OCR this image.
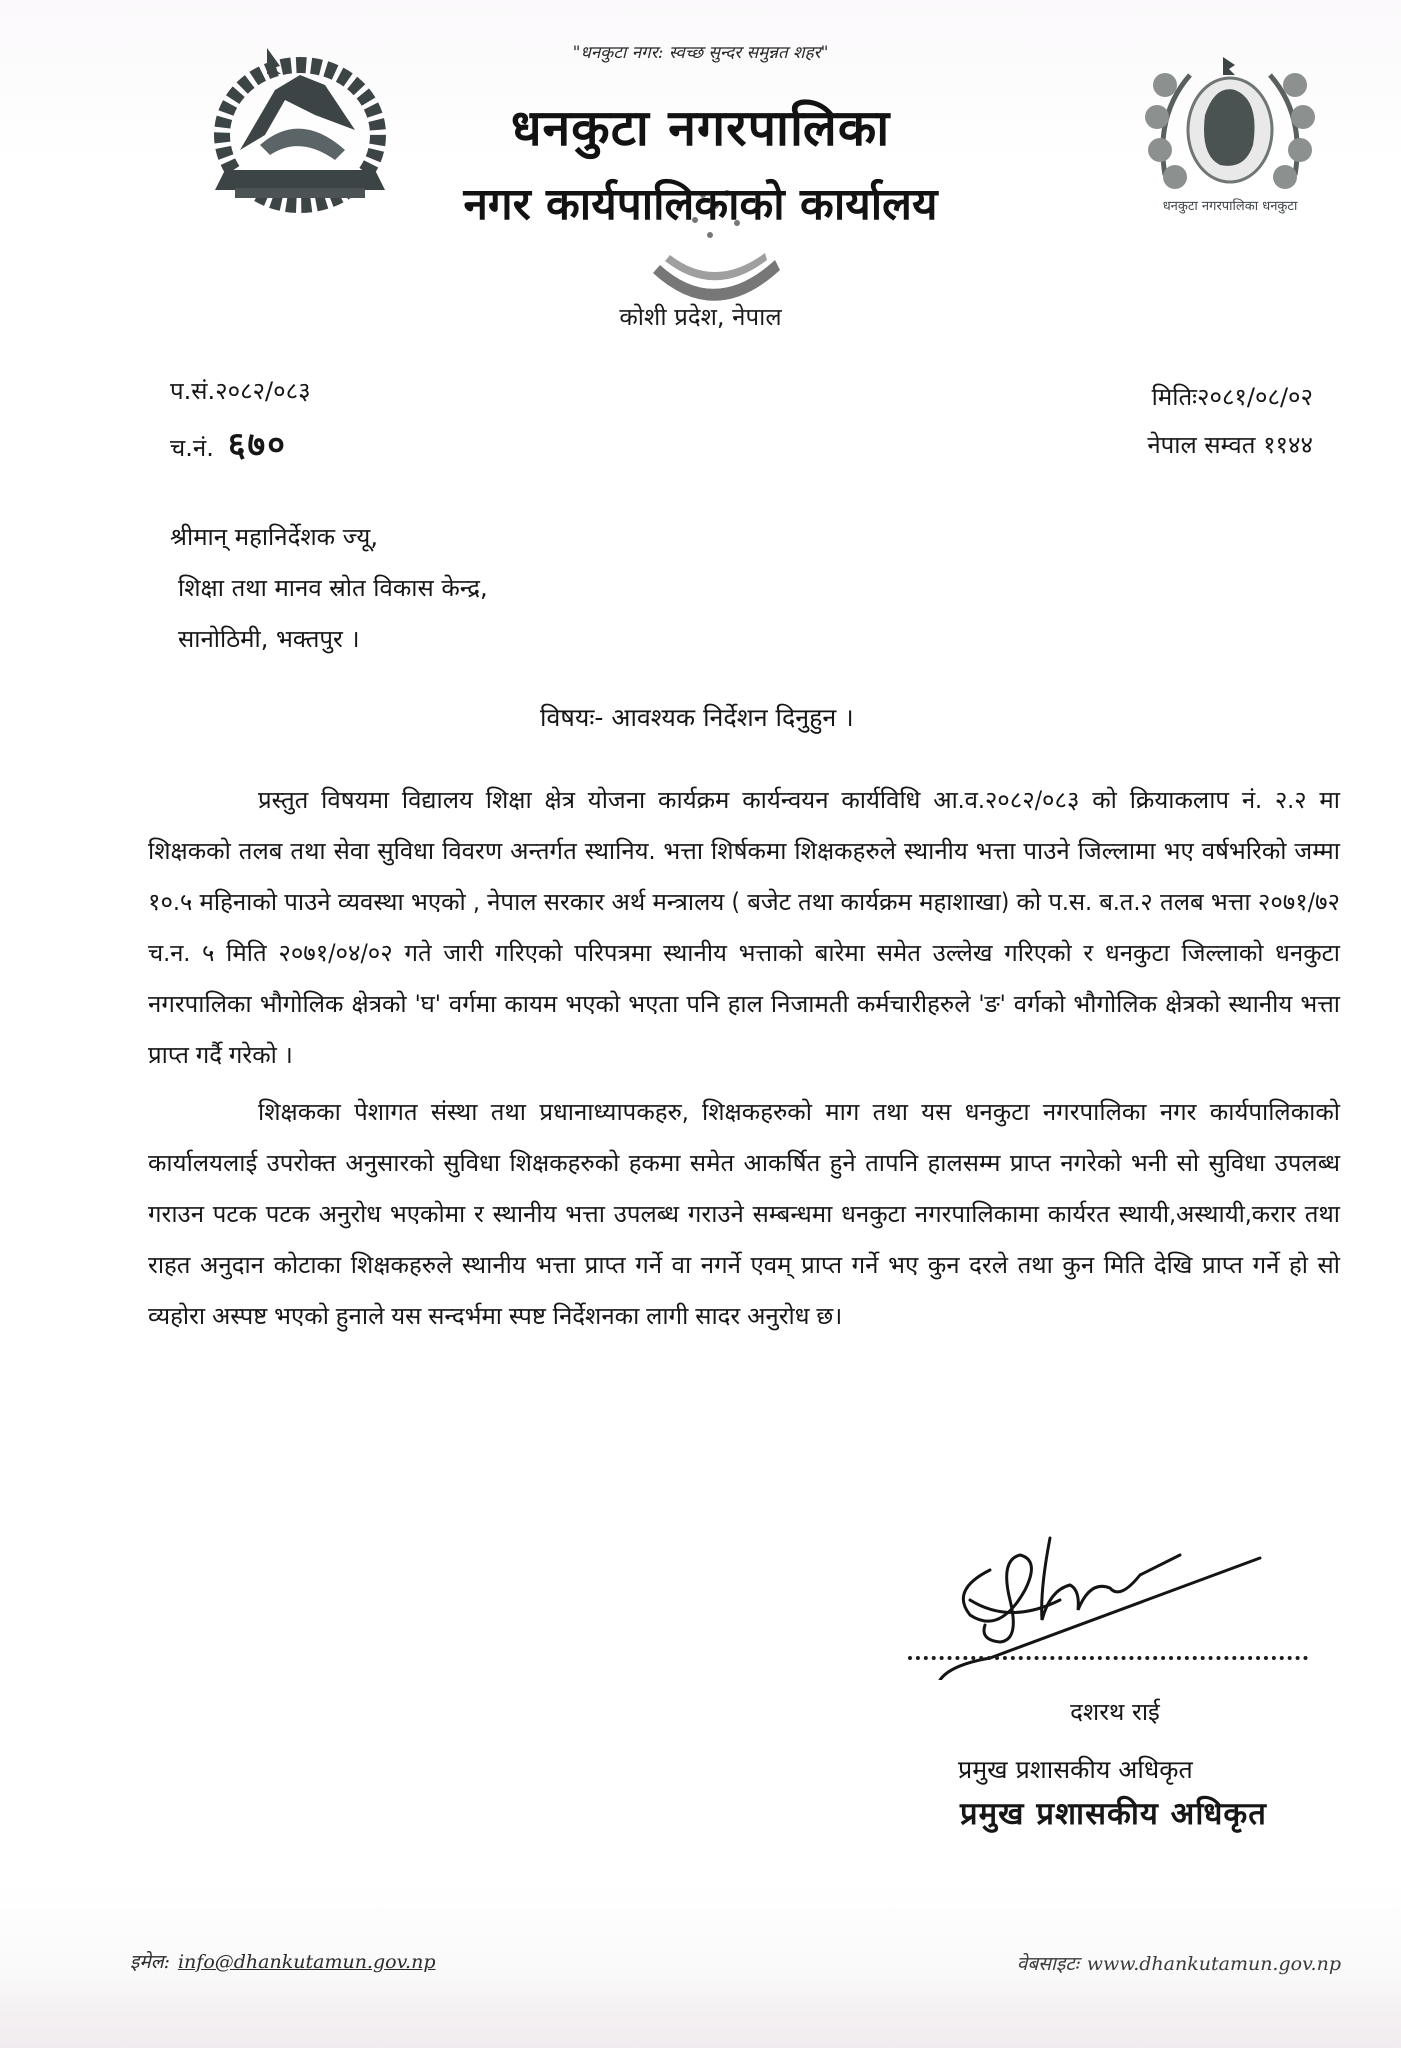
धनकुटा नगरपालिका धनकुटा
"धनकुटा नगर: स्वच्छ सुन्दर समुन्नत शहर"
धनकुटा नगरपालिका
नगर कार्यपालिकाको कार्यालय
कोशी प्रदेश, नेपाल
प.सं.२०८२/०८३
च.नं. ६७०
मितिः२०८१/०८/०२
नेपाल सम्वत ११४४
श्रीमान् महानिर्देशक ज्यू,
शिक्षा तथा मानव स्रोत विकास केन्द्र,
सानोठिमी, भक्तपुर ।
विषयः- आवश्यक निर्देशन दिनुहुन ।

प्रस्तुत विषयमा विद्यालय शिक्षा क्षेत्र योजना कार्यक्रम कार्यन्वयन कार्यविधि आ.व.२०८२/०८३ को क्रियाकलाप नं. २.२ मा शिक्षकको तलब तथा सेवा सुविधा विवरण अन्तर्गत स्थानिय. भत्ता शिर्षकमा शिक्षकहरुले स्थानीय भत्ता पाउने जिल्लामा भए वर्षभरिको जम्मा १०.५ महिनाको पाउने व्यवस्था भएको , नेपाल सरकार अर्थ मन्त्रालय ( बजेट तथा कार्यक्रम महाशाखा) को प.स. ब.त.२ तलब भत्ता २०७१/७२ च.न. ५ मिति २०७१/०४/०२ गते जारी गरिएको परिपत्रमा स्थानीय भत्ताको बारेमा समेत उल्लेख गरिएको र धनकुटा जिल्लाको धनकुटा नगरपालिका भौगोलिक क्षेत्रको 'घ' वर्गमा कायम भएको भएता पनि हाल निजामती कर्मचारीहरुले 'ङ' वर्गको भौगोलिक क्षेत्रको स्थानीय भत्ता प्राप्त गर्दै गरेको ।

शिक्षकका पेशागत संस्था तथा प्रधानाध्यापकहरु, शिक्षकहरुको माग तथा यस धनकुटा नगरपालिका नगर कार्यपालिकाको कार्यालयलाई उपरोक्त अनुसारको सुविधा शिक्षकहरुको हकमा समेत आकर्षित हुने तापनि हालसम्म प्राप्त नगरेको भनी सो सुविधा उपलब्ध गराउन पटक पटक अनुरोध भएकोमा र स्थानीय भत्ता उपलब्ध गराउने सम्बन्धमा धनकुटा नगरपालिकामा कार्यरत स्थायी,अस्थायी,करार तथा राहत अनुदान कोटाका शिक्षकहरुले स्थानीय भत्ता प्राप्त गर्ने वा नगर्ने एवम् प्राप्त गर्ने भए कुन दरले तथा कुन मिति देखि प्राप्त गर्ने हो सो व्यहोरा अस्पष्ट भएको हुनाले यस सन्दर्भमा स्पष्ट निर्देशनका लागी सादर अनुरोध छ।

दशरथ राई
प्रमुख प्रशासकीय अधिकृत
प्रमुख प्रशासकीय अधिकृत
इमेल: info@dhankutamun.gov.np	वेबसाइटः www.dhankutamun.gov.np
